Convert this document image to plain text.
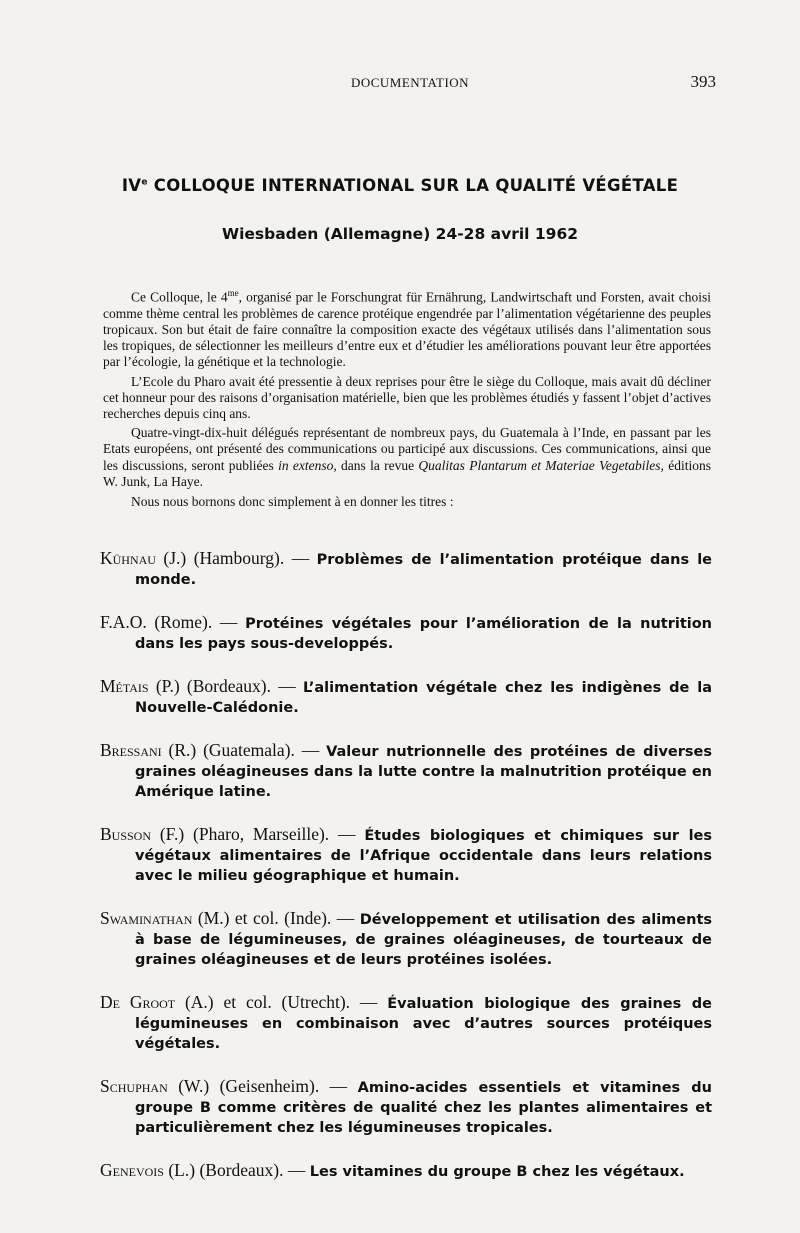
DOCUMENTATION	393
IVe COLLOQUE INTERNATIONAL SUR LA QUALITÉ VÉGÉTALE
Wiesbaden (Allemagne) 24-28 avril 1962

Ce Colloque, le $4^{me}$, organisé par le Forschungrat für Ernährung, Landwirtschaft und Forsten, avait choisi comme thème central les problèmes de carence protéique engendrée par l’alimentation végétarienne des peuples tropicaux. Son but était de faire connaître la composition exacte des végétaux utilisés dans l’alimentation sous les tropiques, de sélectionner les meilleurs d’entre eux et d’étudier les améliorations pouvant leur être apportées par l’écologie, la génétique et la technologie.

L’Ecole du Pharo avait été pressentie à deux reprises pour être le siège du Colloque, mais avait dû décliner cet honneur pour des raisons d’organisation matérielle, bien que les problèmes étudiés y fassent l’objet d’actives recherches depuis cinq ans.

Quatre-vingt-dix-huit délégués représentant de nombreux pays, du Guatemala à l’Inde, en passant par les Etats européens, ont présenté des communications ou participé aux discussions. Ces communications, ainsi que les discussions, seront publiées in extenso, dans la revue Qualitas Plantarum et Materiae Vegetabiles, éditions W. Junk, La Haye.

Nous nous bornons donc simplement à en donner les titres :

Kühnau (J.) (Hambourg). — Problèmes de l’alimentation protéique dans le monde.

F.A.O. (Rome). — Protéines végétales pour l’amélioration de la nutrition dans les pays sous-developpés.

Métais (P.) (Bordeaux). — L’alimentation végétale chez les indigènes de la Nouvelle-Calédonie.

Bressani (R.) (Guatemala). — Valeur nutrionnelle des protéines de diverses graines oléagineuses dans la lutte contre la malnutrition protéique en Amérique latine.

Busson (F.) (Pharo, Marseille). — Études biologiques et chimiques sur les végétaux alimentaires de l’Afrique occidentale dans leurs relations avec le milieu géographique et humain.

Swaminathan (M.) et col. (Inde). — Développement et utilisation des aliments à base de légumineuses, de graines oléagineuses, de tourteaux de graines oléagineuses et de leurs protéines isolées.

De Groot (A.) et col. (Utrecht). — Évaluation biologique des graines de légumineuses en combinaison avec d’autres sources protéiques végétales.

Schuphan (W.) (Geisenheim). — Amino-acides essentiels et vitamines du groupe B comme critères de qualité chez les plantes alimentaires et particulièrement chez les légumineuses tropicales.

Genevois (L.) (Bordeaux). — Les vitamines du groupe B chez les végétaux.
